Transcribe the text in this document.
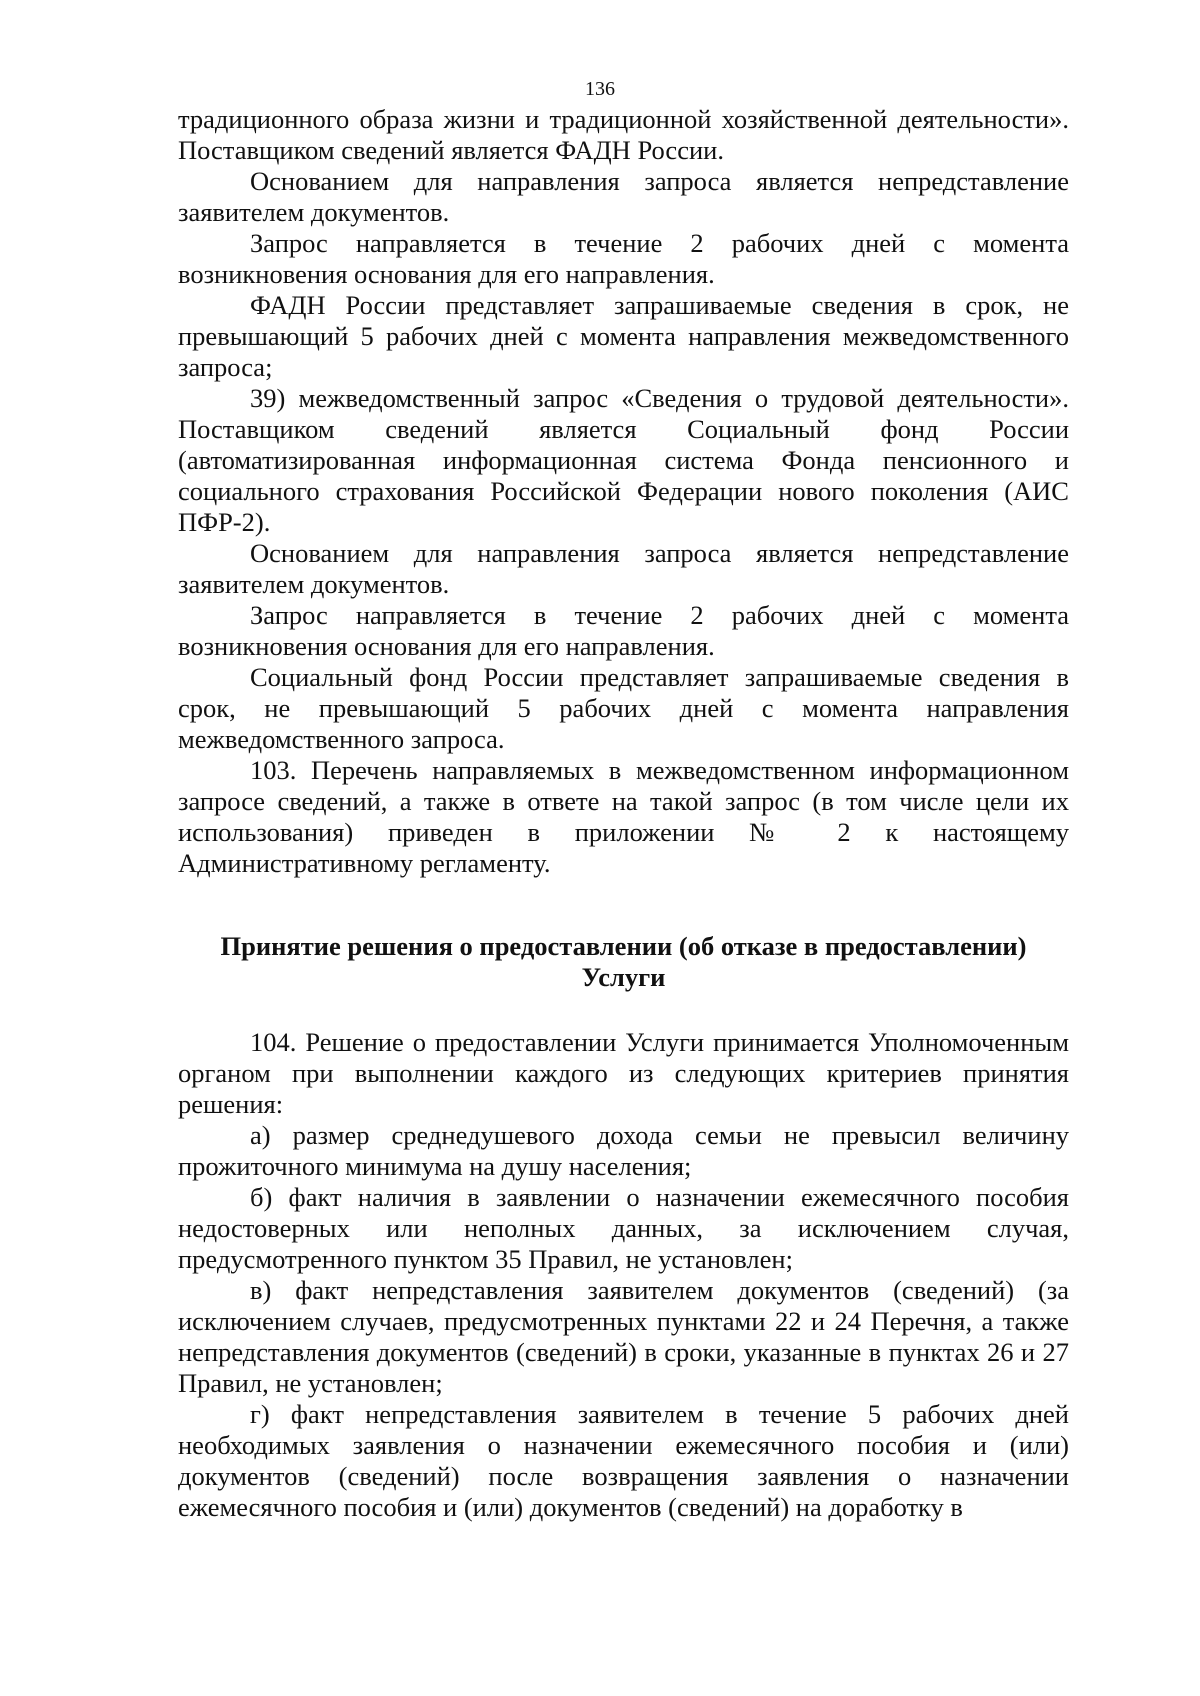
136

традиционного образа жизни и традиционной хозяйственной деятельности». Поставщиком сведений является ФАДН России.

Основанием для направления запроса является непредставление заявителем документов.

Запрос направляется в течение 2 рабочих дней с момента возникновения основания для его направления.

ФАДН России представляет запрашиваемые сведения в срок, не превышающий 5 рабочих дней с момента направления межведомственного запроса;

39) межведомственный запрос «Сведения о трудовой деятельности». Поставщиком сведений является Социальный фонд России (автоматизированная информационная система Фонда пенсионного и социального страхования Российской Федерации нового поколения (АИС ПФР-2).

Основанием для направления запроса является непредставление заявителем документов.

Запрос направляется в течение 2 рабочих дней с момента возникновения основания для его направления.

Социальный фонд России представляет запрашиваемые сведения в срок, не превышающий 5 рабочих дней с момента направления межведомственного запроса.

103. Перечень направляемых в межведомственном информационном запросе сведений, а также в ответе на такой запрос (в том числе цели их использования) приведен в приложении № 2 к настоящему Административному регламенту.

Принятие решения о предоставлении (об отказе в предоставлении)
Услуги

104. Решение о предоставлении Услуги принимается Уполномоченным органом при выполнении каждого из следующих критериев принятия решения:

а) размер среднедушевого дохода семьи не превысил величину прожиточного минимума на душу населения;

б) факт наличия в заявлении о назначении ежемесячного пособия недостоверных или неполных данных, за исключением случая, предусмотренного пунктом 35 Правил, не установлен;

в) факт непредставления заявителем документов (сведений) (за исключением случаев, предусмотренных пунктами 22 и 24 Перечня, а также непредставления документов (сведений) в сроки, указанные в пунктах 26 и 27 Правил, не установлен;

г) факт непредставления заявителем в течение 5 рабочих дней необходимых заявления о назначении ежемесячного пособия и (или) документов (сведений) после возвращения заявления о назначении ежемесячного пособия и (или) документов (сведений) на доработку в
